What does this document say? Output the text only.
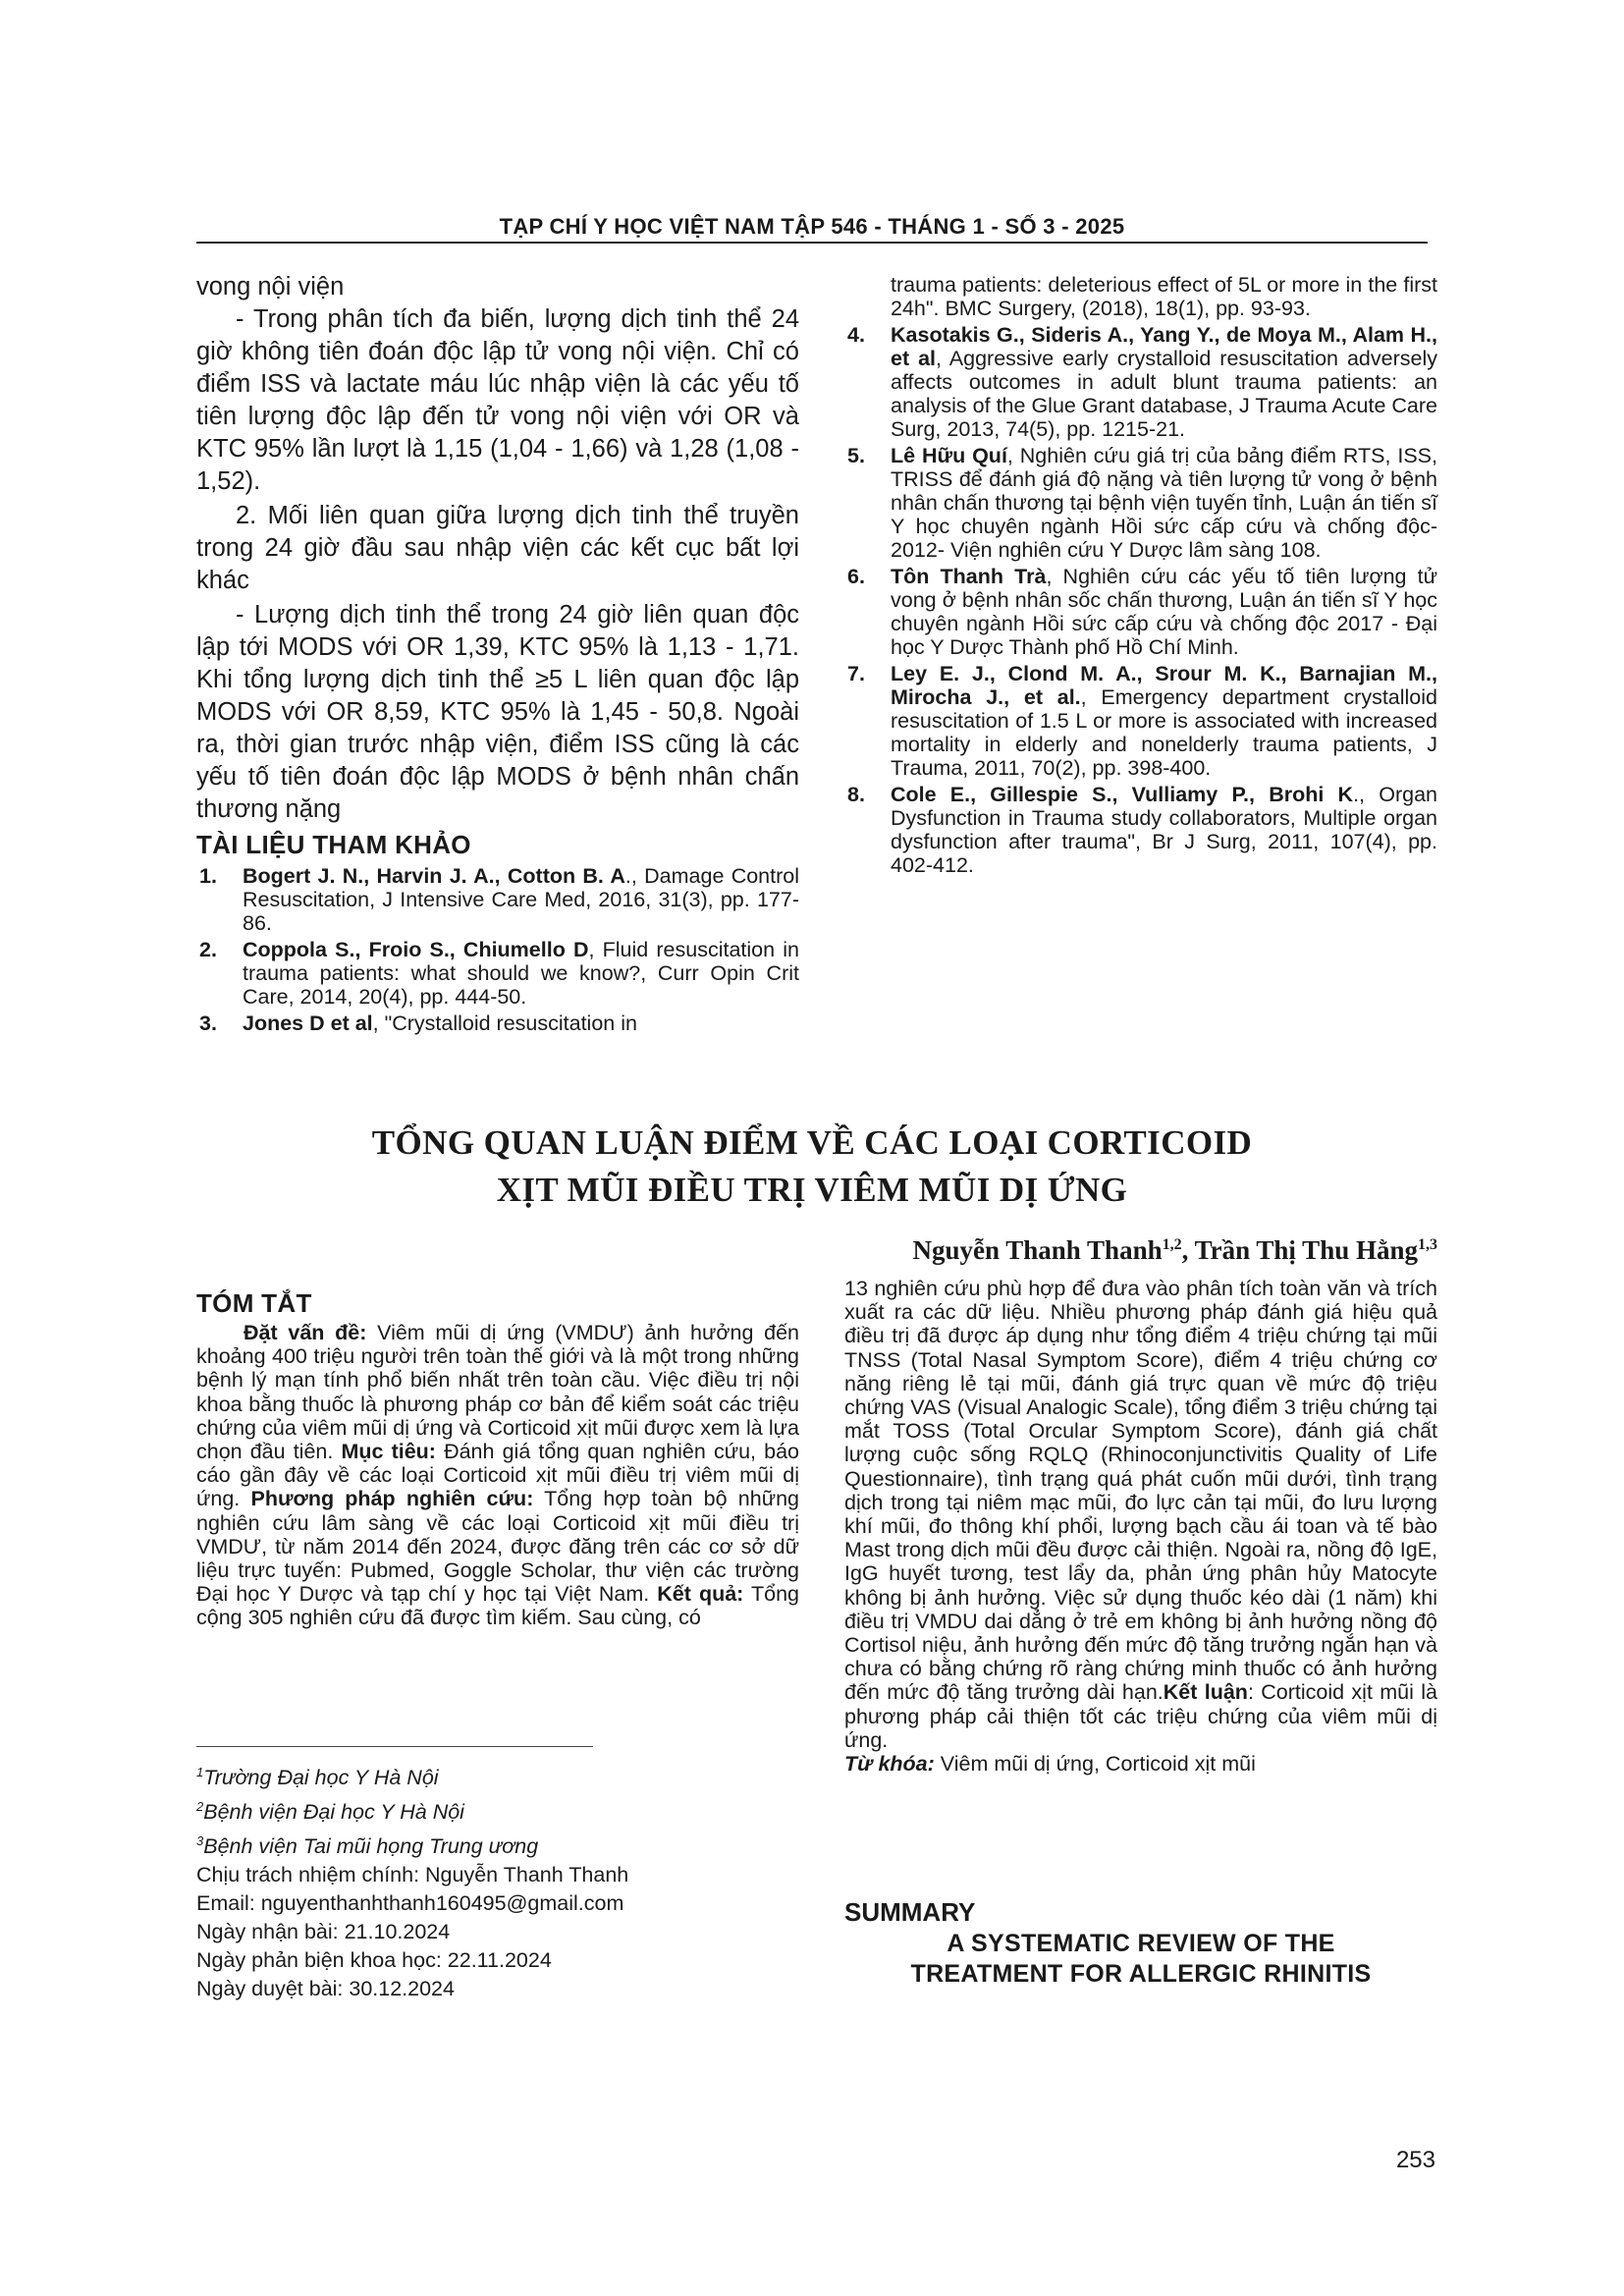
TẠP CHÍ Y HỌC VIỆT NAM TẬP 546 - THÁNG 1 - SỐ 3 - 2025

vong nội viện

- Trong phân tích đa biến, lượng dịch tinh thể 24 giờ không tiên đoán độc lập tử vong nội viện. Chỉ có điểm ISS và lactate máu lúc nhập viện là các yếu tố tiên lượng độc lập đến tử vong nội viện với OR và KTC 95% lần lượt là 1,15 (1,04 - 1,66) và 1,28 (1,08 - 1,52).

2. Mối liên quan giữa lượng dịch tinh thể truyền trong 24 giờ đầu sau nhập viện các kết cục bất lợi khác

- Lượng dịch tinh thể trong 24 giờ liên quan độc lập tới MODS với OR 1,39, KTC 95% là 1,13 - 1,71. Khi tổng lượng dịch tinh thể ≥5 L liên quan độc lập MODS với OR 8,59, KTC 95% là 1,45 - 50,8. Ngoài ra, thời gian trước nhập viện, điểm ISS cũng là các yếu tố tiên đoán độc lập MODS ở bệnh nhân chấn thương nặng

TÀI LIỆU THAM KHẢO
1. Bogert J. N., Harvin J. A., Cotton B. A., Damage Control Resuscitation, J Intensive Care Med, 2016, 31(3), pp. 177-86.
2. Coppola S., Froio S., Chiumello D, Fluid resuscitation in trauma patients: what should we know?, Curr Opin Crit Care, 2014, 20(4), pp. 444-50.
3. Jones D et al, "Crystalloid resuscitation in
trauma patients: deleterious effect of 5L or more in the first 24h". BMC Surgery, (2018), 18(1), pp. 93-93.
4. Kasotakis G., Sideris A., Yang Y., de Moya M., Alam H., et al, Aggressive early crystalloid resuscitation adversely affects outcomes in adult blunt trauma patients: an analysis of the Glue Grant database, J Trauma Acute Care Surg, 2013, 74(5), pp. 1215-21.
5. Lê Hữu Quí, Nghiên cứu giá trị của bảng điểm RTS, ISS, TRISS để đánh giá độ nặng và tiên lượng tử vong ở bệnh nhân chấn thương tại bệnh viện tuyến tỉnh, Luận án tiến sĩ Y học chuyên ngành Hồi sức cấp cứu và chống độc- 2012- Viện nghiên cứu Y Dược lâm sàng 108.
6. Tôn Thanh Trà, Nghiên cứu các yếu tố tiên lượng tử vong ở bệnh nhân sốc chấn thương, Luận án tiến sĩ Y học chuyên ngành Hồi sức cấp cứu và chống độc 2017 - Đại học Y Dược Thành phố Hồ Chí Minh.
7. Ley E. J., Clond M. A., Srour M. K., Barnajian M., Mirocha J., et al., Emergency department crystalloid resuscitation of 1.5 L or more is associated with increased mortality in elderly and nonelderly trauma patients, J Trauma, 2011, 70(2), pp. 398-400.
8. Cole E., Gillespie S., Vulliamy P., Brohi K., Organ Dysfunction in Trauma study collaborators, Multiple organ dysfunction after trauma", Br J Surg, 2011, 107(4), pp. 402-412.
TỔNG QUAN LUẬN ĐIỂM VỀ CÁC LOẠI CORTICOID
XỊT MŨI ĐIỀU TRỊ VIÊM MŨI DỊ ỨNG
Nguyễn Thanh Thanh$^{1,2}$, Trần Thị Thu Hằng$^{1,3}$
TÓM TẮT
Đặt vấn đề: Viêm mũi dị ứng (VMDƯ) ảnh hưởng đến khoảng 400 triệu người trên toàn thế giới và là một trong những bệnh lý mạn tính phổ biến nhất trên toàn cầu. Việc điều trị nội khoa bằng thuốc là phương pháp cơ bản để kiểm soát các triệu chứng của viêm mũi dị ứng và Corticoid xịt mũi được xem là lựa chọn đầu tiên. Mục tiêu: Đánh giá tổng quan nghiên cứu, báo cáo gần đây về các loại Corticoid xịt mũi điều trị viêm mũi dị ứng. Phương pháp nghiên cứu: Tổng hợp toàn bộ những nghiên cứu lâm sàng về các loại Corticoid xịt mũi điều trị VMDƯ, từ năm 2014 đến 2024, được đăng trên các cơ sở dữ liệu trực tuyến: Pubmed, Goggle Scholar, thư viện các trường Đại học Y Dược và tạp chí y học tại Việt Nam. Kết quả: Tổng cộng 305 nghiên cứu đã được tìm kiếm. Sau cùng, có
13 nghiên cứu phù hợp để đưa vào phân tích toàn văn và trích xuất ra các dữ liệu. Nhiều phương pháp đánh giá hiệu quả điều trị đã được áp dụng như tổng điểm 4 triệu chứng tại mũi TNSS (Total Nasal Symptom Score), điểm 4 triệu chứng cơ năng riêng lẻ tại mũi, đánh giá trực quan về mức độ triệu chứng VAS (Visual Analogic Scale), tổng điểm 3 triệu chứng tại mắt TOSS (Total Orcular Symptom Score), đánh giá chất lượng cuộc sống RQLQ (Rhinoconjunctivitis Quality of Life Questionnaire), tình trạng quá phát cuốn mũi dưới, tình trạng dịch trong tại niêm mạc mũi, đo lực cản tại mũi, đo lưu lượng khí mũi, đo thông khí phổi, lượng bạch cầu ái toan và tế bào Mast trong dịch mũi đều được cải thiện. Ngoài ra, nồng độ IgE, IgG huyết tương, test lẩy da, phản ứng phân hủy Matocyte không bị ảnh hưởng. Việc sử dụng thuốc kéo dài (1 năm) khi điều trị VMDU dai dẳng ở trẻ em không bị ảnh hưởng nồng độ Cortisol niệu, ảnh hưởng đến mức độ tăng trưởng ngắn hạn và chưa có bằng chứng rõ ràng chứng minh thuốc có ảnh hưởng đến mức độ tăng trưởng dài hạn.Kết luận: Corticoid xịt mũi là phương pháp cải thiện tốt các triệu chứng của viêm mũi dị ứng.
Từ khóa: Viêm mũi dị ứng, Corticoid xịt mũi
SUMMARY
A SYSTEMATIC REVIEW OF THE
TREATMENT FOR ALLERGIC RHINITIS
$^1$Trường Đại học Y Hà Nội
$^2$Bệnh viện Đại học Y Hà Nội
$^3$Bệnh viện Tai mũi họng Trung ương
Chịu trách nhiệm chính: Nguyễn Thanh Thanh
Email: nguyenthanhthanh160495@gmail.com
Ngày nhận bài: 21.10.2024
Ngày phản biện khoa học: 22.11.2024
Ngày duyệt bài: 30.12.2024
253
